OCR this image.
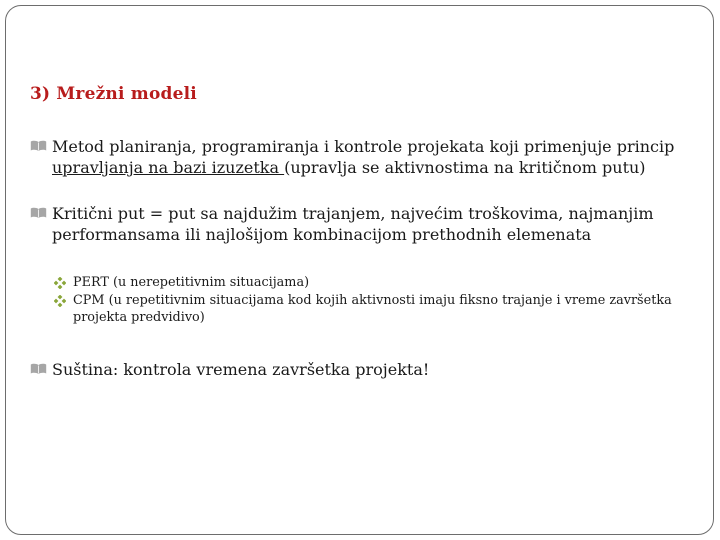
3) Mrežni modeli
Metod planiranja, programiranja i kontrole projekata koji primenjuje princip upravljanja na bazi izuzetka (upravlja se aktivnostima na kritičnom putu)
Kritični put = put sa najdužim trajanjem, najvećim troškovima, najmanjim performansama ili najlošijom kombinacijom prethodnih elemenata
PERT (u nerepetitivnim situacijama)
CPM (u repetitivnim situacijama kod kojih aktivnosti imaju fiksno trajanje i vreme završetka projekta predvidivo)
Suština: kontrola vremena završetka projekta!
